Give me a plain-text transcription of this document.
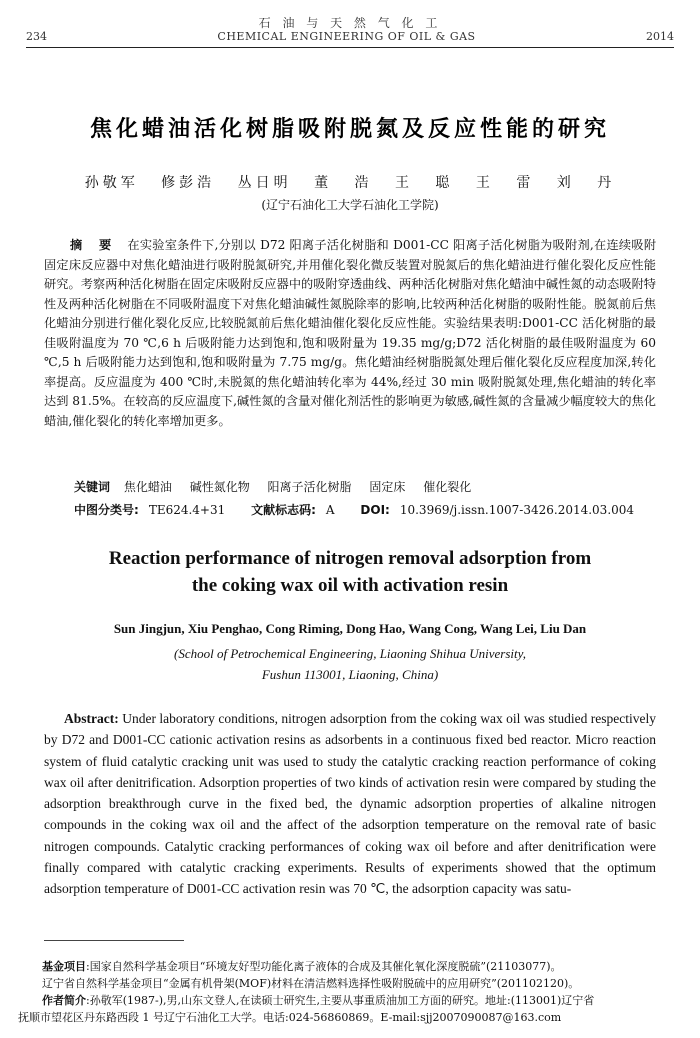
石 油 与 天 然 气 化 工
234	CHEMICAL ENGINEERING OF OIL & GAS	2014
焦化蜡油活化树脂吸附脱氮及反应性能的研究
孙敬军 修彭浩 丛日明 董 浩 王 聪 王 雷 刘 丹
(辽宁石油化工大学石油化工学院)
摘 要 在实验室条件下,分别以 D72 阳离子活化树脂和 D001-CC 阳离子活化树脂为吸附剂,在连续吸附固定床反应器中对焦化蜡油进行吸附脱氮研究,并用催化裂化微反装置对脱氮后的焦化蜡油进行催化裂化反应性能研究。考察两种活化树脂在固定床吸附反应器中的吸附穿透曲线、两种活化树脂对焦化蜡油中碱性氮的动态吸附特性及两种活化树脂在不同吸附温度下对焦化蜡油碱性氮脱除率的影响,比较两种活化树脂的吸附性能。脱氮前后焦化蜡油分别进行催化裂化反应,比较脱氮前后焦化蜡油催化裂化反应性能。实验结果表明:D001-CC 活化树脂的最佳吸附温度为 70 ℃,6 h 后吸附能力达到饱和,饱和吸附量为 19.35 mg/g;D72 活化树脂的最佳吸附温度为 60 ℃,5 h 后吸附能力达到饱和,饱和吸附量为 7.75 mg/g。焦化蜡油经树脂脱氮处理后催化裂化反应程度加深,转化率提高。反应温度为 400 ℃时,未脱氮的焦化蜡油转化率为 44%,经过 30 min 吸附脱氮处理,焦化蜡油的转化率达到 81.5%。在较高的反应温度下,碱性氮的含量对催化剂活性的影响更为敏感,碱性氮的含量减少幅度较大的焦化蜡油,催化裂化的转化率增加更多。
关键词 焦化蜡油 碱性氮化物 阳离子活化树脂 固定床 催化裂化
中图分类号: TE624.4+31 文献标志码: A DOI: 10.3969/j.issn.1007-3426.2014.03.004
Reaction performance of nitrogen removal adsorption from
the coking wax oil with activation resin
Sun Jingjun, Xiu Penghao, Cong Riming, Dong Hao, Wang Cong, Wang Lei, Liu Dan
(School of Petrochemical Engineering, Liaoning Shihua University,
Fushun 113001, Liaoning, China)
Abstract: Under laboratory conditions, nitrogen adsorption from the coking wax oil was studied respectively by D72 and D001-CC cationic activation resins as adsorbents in a continuous fixed bed reactor. Micro reaction system of fluid catalytic cracking unit was used to study the catalytic cracking reaction performance of coking wax oil after denitrification. Adsorption properties of two kinds of activation resin were compared by studing the adsorption breakthrough curve in the fixed bed, the dynamic adsorption properties of alkaline nitrogen compounds in the coking wax oil and the affect of the adsorption temperature on the removal rate of basic nitrogen compounds. Catalytic cracking performances of coking wax oil before and after denitrification were finally compared with catalytic cracking experiments. Results of experiments showed that the optimum adsorption temperature of D001-CC activation resin was 70 ℃, the adsorption capacity was satu-
基金项目:国家自然科学基金项目“环境友好型功能化离子液体的合成及其催化氧化深度脱硫”(21103077)。
辽宁省自然科学基金项目“金属有机骨架(MOF)材料在清洁燃料选择性吸附脱硫中的应用研究”(201102120)。
作者简介:孙敬军(1987-),男,山东文登人,在读硕士研究生,主要从事重质油加工方面的研究。地址:(113001)辽宁省
抚顺市望花区丹东路西段 1 号辽宁石油化工大学。电话:024-56860869。E-mail:sjj2007090087@163.com
